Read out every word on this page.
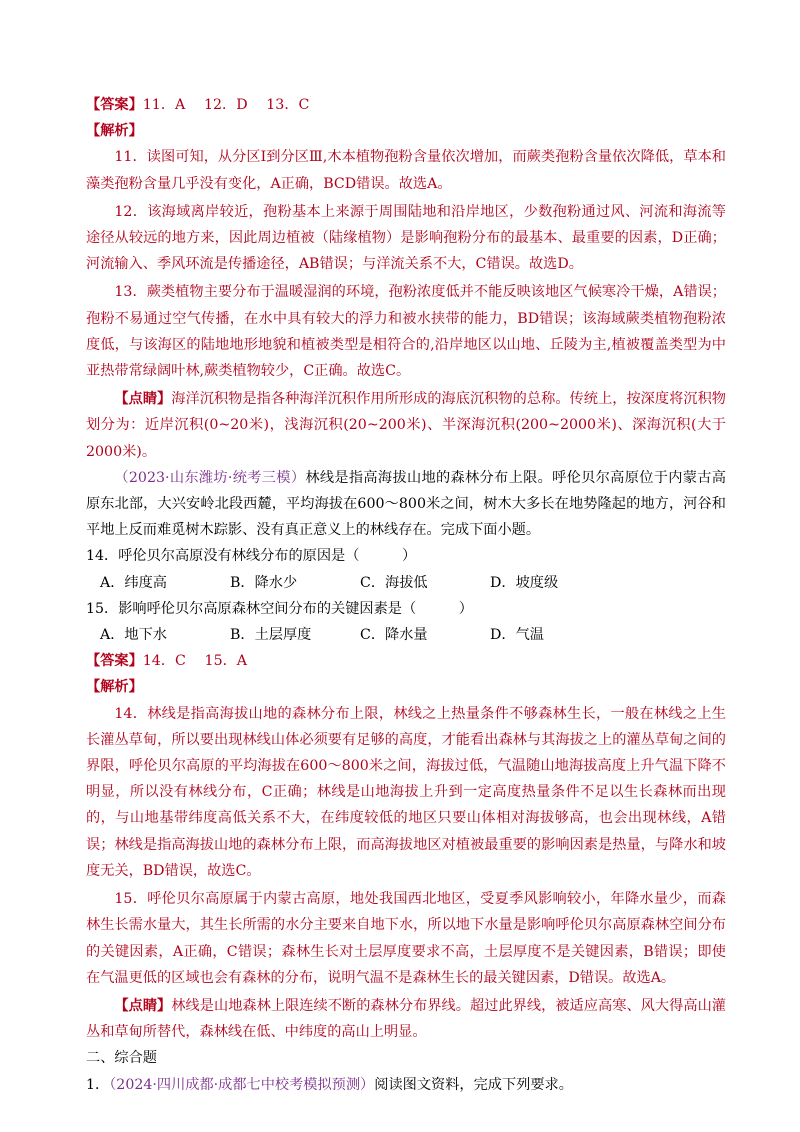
【答案】11．A　 12．D　 13．C

【解析】

11．读图可知，从分区Ⅰ到分区Ⅲ,木本植物孢粉含量依次增加，而蕨类孢粉含量依次降低，草本和藻类孢粉含量几乎没有变化，A正确，BCD错误。故选A。

12．该海域离岸较近，孢粉基本上来源于周围陆地和沿岸地区，少数孢粉通过风、河流和海流等途径从较远的地方来，因此周边植被（陆缘植物）是影响孢粉分布的最基本、最重要的因素，D正确；河流输入、季风环流是传播途径，AB错误；与洋流关系不大，C错误。故选D。

13．蕨类植物主要分布于温暖湿润的环境，孢粉浓度低并不能反映该地区气候寒冷干燥，A错误；孢粉不易通过空气传播，在水中具有较大的浮力和被水挟带的能力，BD错误；该海域蕨类植物孢粉浓度低，与该海区的陆地地形地貌和植被类型是相符合的,沿岸地区以山地、丘陵为主,植被覆盖类型为中亚热带常绿阔叶林,蕨类植物较少，C正确。故选C。

【点睛】海洋沉积物是指各种海洋沉积作用所形成的海底沉积物的总称。传统上，按深度将沉积物划分为：近岸沉积(0~20米)，浅海沉积(20~200米)、半深海沉积(200~2000米)、深海沉积(大于2000米)。

（2023·山东潍坊·统考三模）林线是指高海拔山地的森林分布上限。呼伦贝尔高原位于内蒙古高原东北部，大兴安岭北段西麓，平均海拔在600～800米之间，树木大多长在地势隆起的地方，河谷和平地上反而难觅树木踪影、没有真正意义上的林线存在。完成下面小题。

14．呼伦贝尔高原没有林线分布的原因是（　　　）

A．纬度高	B．降水少	C．海拔低	D．坡度级

15．影响呼伦贝尔高原森林空间分布的关键因素是（　　　）

A．地下水	B．土层厚度	C．降水量	D．气温

【答案】14．C　 15．A

【解析】

14．林线是指高海拔山地的森林分布上限，林线之上热量条件不够森林生长，一般在林线之上生长灌丛草甸，所以要出现林线山体必须要有足够的高度，才能看出森林与其海拔之上的灌丛草甸之间的界限，呼伦贝尔高原的平均海拔在600～800米之间，海拔过低，气温随山地海拔高度上升气温下降不明显，所以没有林线分布，C正确；林线是山地海拔上升到一定高度热量条件不足以生长森林而出现的，与山地基带纬度高低关系不大，在纬度较低的地区只要山体相对海拔够高，也会出现林线，A错误；林线是指高海拔山地的森林分布上限，而高海拔地区对植被最重要的影响因素是热量，与降水和坡度无关，BD错误，故选C。

15．呼伦贝尔高原属于内蒙古高原，地处我国西北地区，受夏季风影响较小，年降水量少，而森林生长需水量大，其生长所需的水分主要来自地下水，所以地下水量是影响呼伦贝尔高原森林空间分布的关键因素，A正确，C错误；森林生长对土层厚度要求不高，土层厚度不是关键因素，B错误；即使在气温更低的区域也会有森林的分布，说明气温不是森林生长的最关键因素，D错误。故选A。

【点睛】林线是山地森林上限连续不断的森林分布界线。超过此界线，被适应高寒、风大得高山灌丛和草甸所替代，森林线在低、中纬度的高山上明显。

二、综合题

1．（2024·四川成都·成都七中校考模拟预测）阅读图文资料，完成下列要求。
